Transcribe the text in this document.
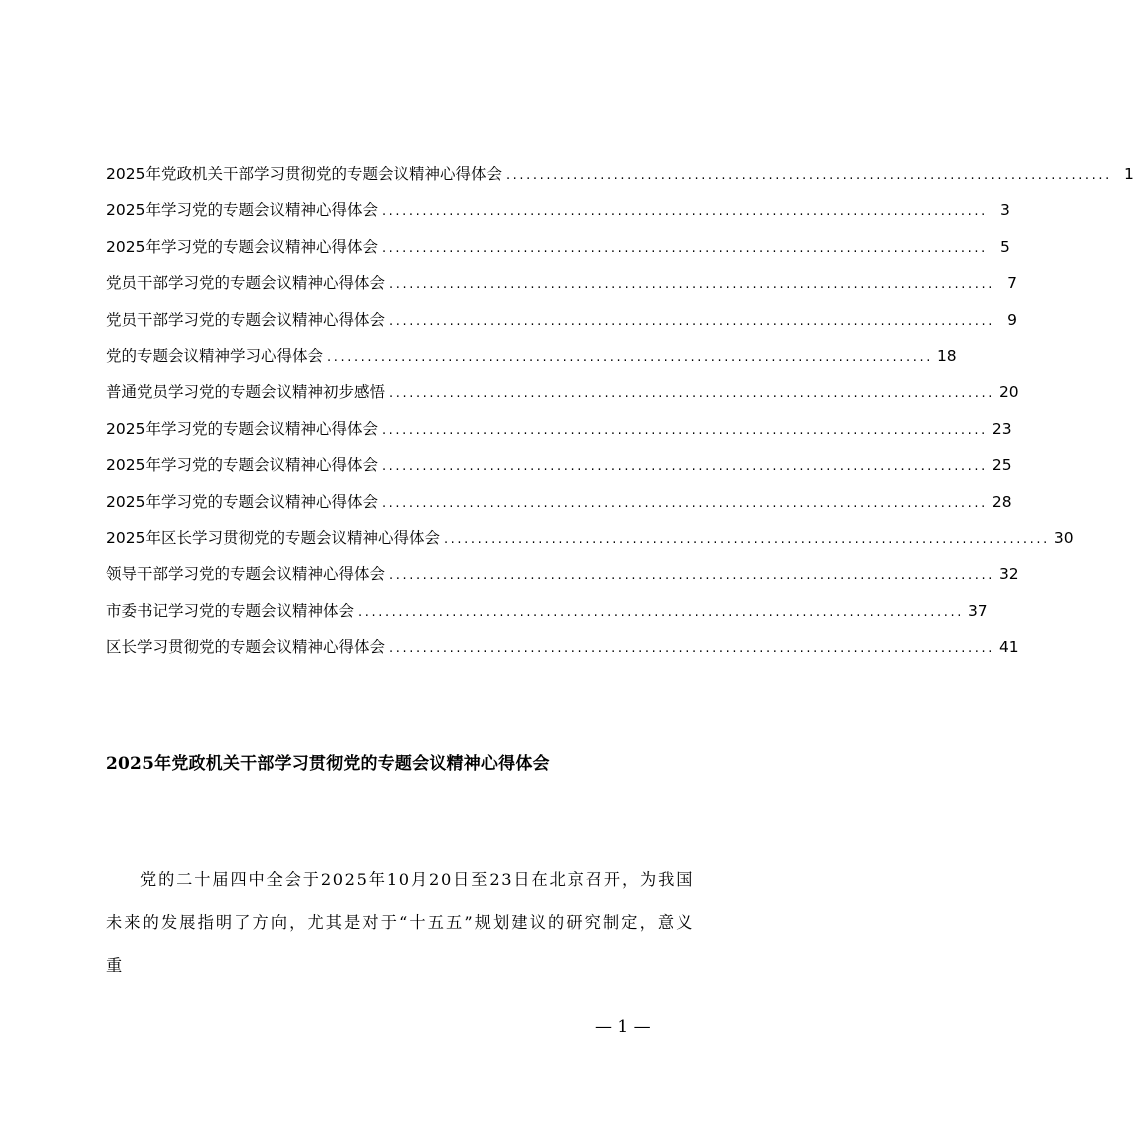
2025年党政机关干部学习贯彻党的专题会议精神心得体会 .......................................................................................... 1
2025年学习党的专题会议精神心得体会 .......................................................................................... 3
2025年学习党的专题会议精神心得体会 .......................................................................................... 5
党员干部学习党的专题会议精神心得体会 .......................................................................................... 7
党员干部学习党的专题会议精神心得体会 .......................................................................................... 9
党的专题会议精神学习心得体会 .......................................................................................... 18
普通党员学习党的专题会议精神初步感悟 .......................................................................................... 20
2025年学习党的专题会议精神心得体会 .......................................................................................... 23
2025年学习党的专题会议精神心得体会 .......................................................................................... 25
2025年学习党的专题会议精神心得体会 .......................................................................................... 28
2025年区长学习贯彻党的专题会议精神心得体会 .......................................................................................... 30
领导干部学习党的专题会议精神心得体会 .......................................................................................... 32
市委书记学习党的专题会议精神体会 .......................................................................................... 37
区长学习贯彻党的专题会议精神心得体会 .......................................................................................... 41
2025年党政机关干部学习贯彻党的专题会议精神心得体会
党的二十届四中全会于2025年10月20日至23日在北京召开，为我国未来的发展指明了方向，尤其是对于“十五五”规划建议的研究制定，意义重
— 1 —
